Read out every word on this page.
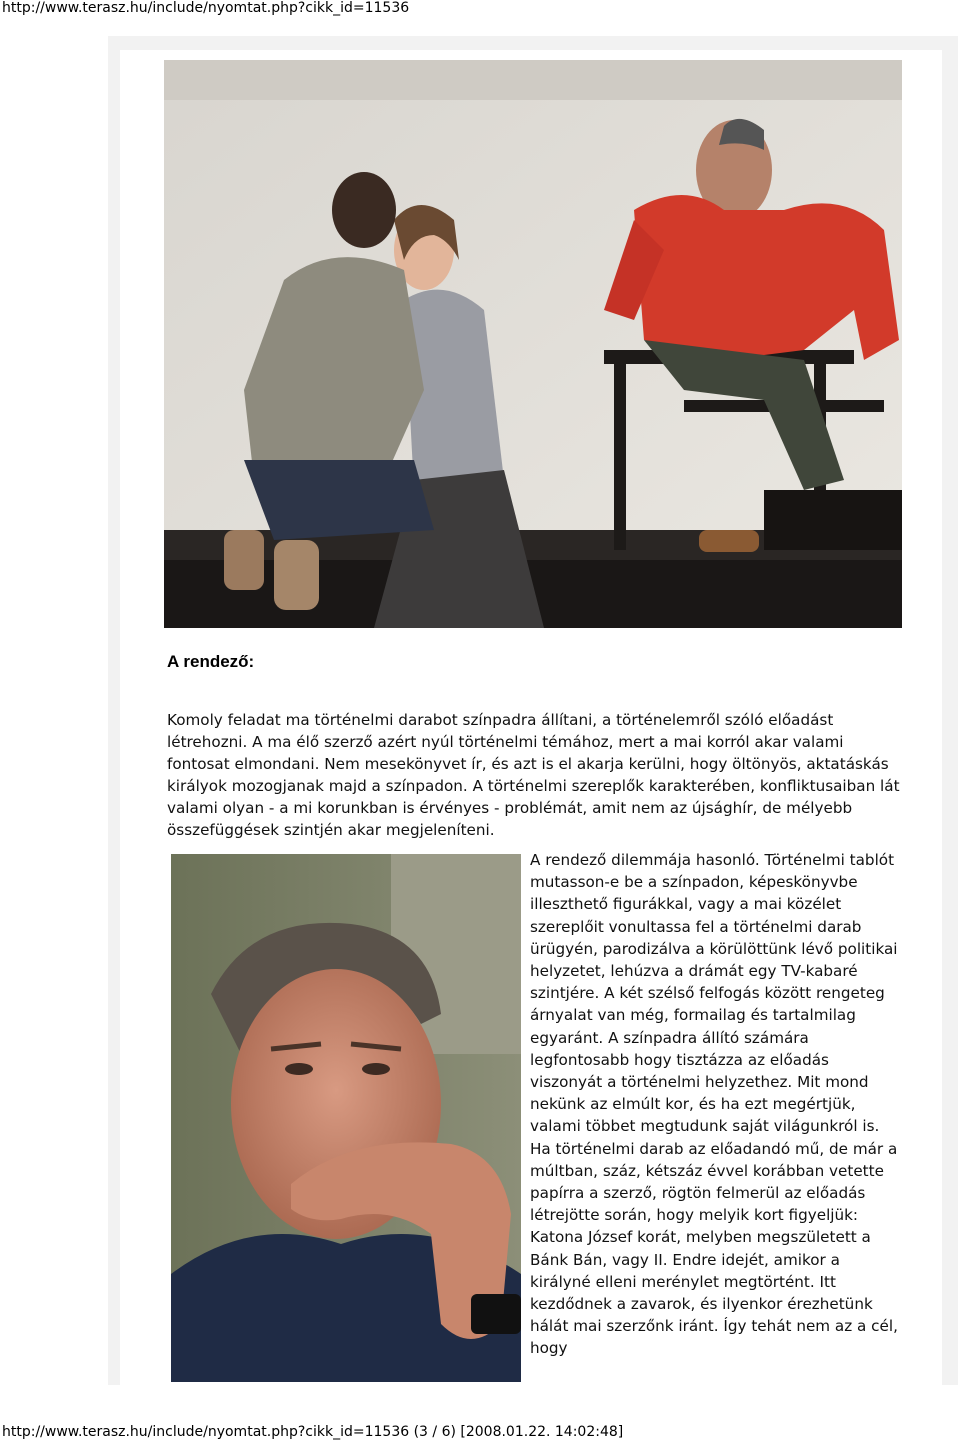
http://www.terasz.hu/include/nyomtat.php?cikk_id=11536
A rendező:

Komoly feladat ma történelmi darabot színpadra állítani, a történelemről szóló előadást létrehozni. A ma élő szerző azért nyúl történelmi témához, mert a mai korról akar valami fontosat elmondani. Nem mesekönyvet ír, és azt is el akarja kerülni, hogy öltönyös, aktatáskás királyok mozogjanak majd a színpadon. A történelmi szereplők karakterében, konfliktusaiban lát valami olyan - a mi korunkban is érvényes - problémát, amit nem az újsághír, de mélyebb összefüggések szintjén akar megjeleníteni.

A rendező dilemmája hasonló. Történelmi tablót mutasson-e be a színpadon, képeskönyvbe illeszthető figurákkal, vagy a mai közélet szereplőit vonultassa fel a történelmi darab ürügyén, parodizálva a körülöttünk lévő politikai helyzetet, lehúzva a drámát egy TV-kabaré szintjére. A két szélső felfogás között rengeteg árnyalat van még, formailag és tartalmilag egyaránt. A színpadra állító számára legfontosabb hogy tisztázza az előadás viszonyát a történelmi helyzethez. Mit mond nekünk az elmúlt kor, és ha ezt megértjük, valami többet megtudunk saját világunkról is.

Ha történelmi darab az előadandó mű, de már a múltban, száz, kétszáz évvel korábban vetette papírra a szerző, rögtön felmerül az előadás létrejötte során, hogy melyik kort figyeljük: Katona József korát, melyben megszületett a Bánk Bán, vagy II. Endre idejét, amikor a királyné elleni merénylet megtörtént. Itt kezdődnek a zavarok, és ilyenkor érezhetünk hálát mai szerzőnk iránt. Így tehát nem az a cél, hogy

http://www.terasz.hu/include/nyomtat.php?cikk_id=11536 (3 / 6) [2008.01.22. 14:02:48]
